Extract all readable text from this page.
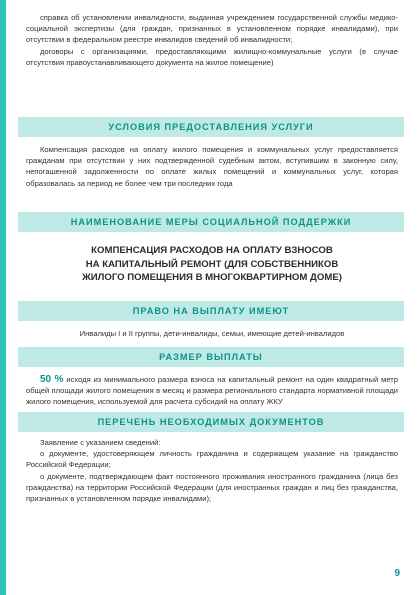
справка об установлении инвалидности, выданная учреждением государственной службы медико-социальной экспертизы (для граждан, признанных в установленном порядке инвалидами), при отсутствии в федеральном реестре инвалидов сведений об инвалидности;

договоры с организациями, предоставляющими жилищно-коммунальные услуги (в случае отсутствия правоустанавливающего документа на жилое помещение)

УСЛОВИЯ ПРЕДОСТАВЛЕНИЯ УСЛУГИ

Компенсация расходов на оплату жилого помещения и коммунальных услуг предоставляется гражданам при отсутствии у них подтвержденной судебным актом, вступившим в законную силу, непогашенной задолженности по оплате жилых помещений и коммунальных услуг, которая образовалась за период не более чем три последних года

НАИМЕНОВАНИЕ МЕРЫ СОЦИАЛЬНОЙ ПОДДЕРЖКИ
КОМПЕНСАЦИЯ РАСХОДОВ НА ОПЛАТУ ВЗНОСОВ
НА КАПИТАЛЬНЫЙ РЕМОНТ (ДЛЯ СОБСТВЕННИКОВ
ЖИЛОГО ПОМЕЩЕНИЯ В МНОГОКВАРТИРНОМ ДОМЕ)
ПРАВО НА ВЫПЛАТУ ИМЕЮТ
Инвалиды I и II группы, дети-инвалиды, семьи, имеющие детей-инвалидов
РАЗМЕР ВЫПЛАТЫ

50 % исходя из минимального размера взноса на капитальный ремонт на один квадратный метр общей площади жилого помещения в месяц и размера регионального стандарта нормативной площади жилого помещения, используемой для расчета субсидий на оплату ЖКУ

ПЕРЕЧЕНЬ НЕОБХОДИМЫХ ДОКУМЕНТОВ

Заявление с указанием сведений:

о документе, удостоверяющем личность гражданина и содержащем указание на гражданство Российской Федерации;

о документе, подтверждающем факт постоянного проживания иностранного гражданина (лица без гражданства) на территории Российской Федерации (для иностранных граждан и лиц без гражданства, признанных в установленном порядке инвалидами);

9
